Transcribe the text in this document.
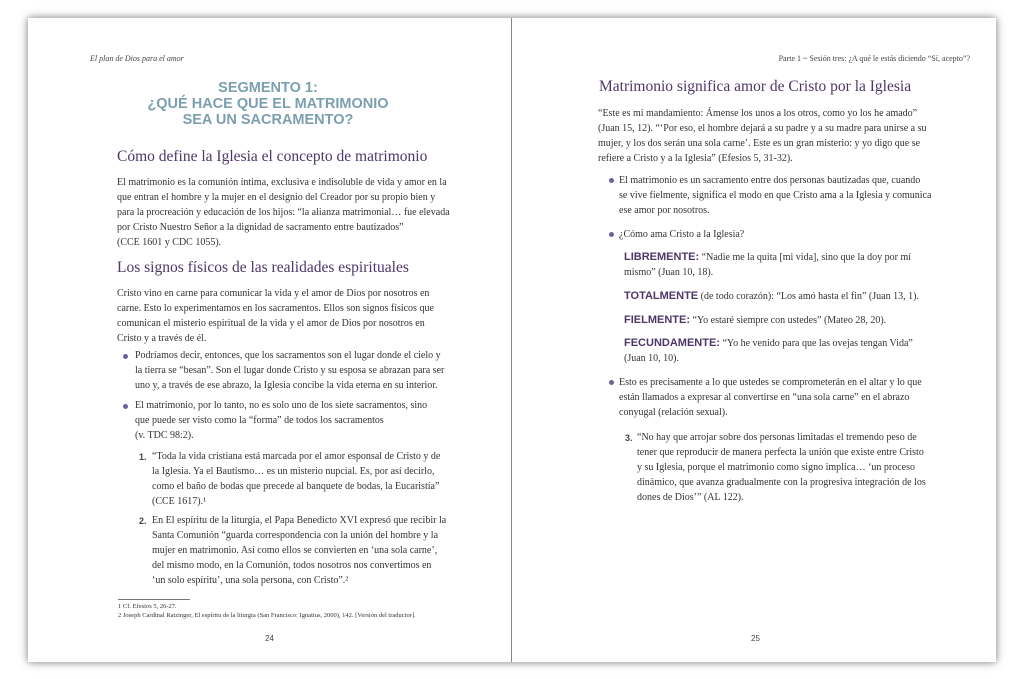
El plan de Dios para el amor
SEGMENTO 1:
¿QUÉ HACE QUE EL MATRIMONIO
SEA UN SACRAMENTO?
Cómo define la Iglesia el concepto de matrimonio
El matrimonio es la comunión íntima, exclusiva e indisoluble de vida y amor en la
que entran el hombre y la mujer en el designio del Creador por su propio bien y
para la procreación y educación de los hijos: “la alianza matrimonial… fue elevada
por Cristo Nuestro Señor a la dignidad de sacramento entre bautizados”
(CCE 1601 y CDC 1055).
Los signos físicos de las realidades espirituales
Cristo vino en carne para comunicar la vida y el amor de Dios por nosotros en
carne. Esto lo experimentamos en los sacramentos. Ellos son signos físicos que
comunican el misterio espiritual de la vida y el amor de Dios por nosotros en
Cristo y a través de él.
Podríamos decir, entonces, que los sacramentos son el lugar donde el cielo y
la tierra se “besan”. Son el lugar donde Cristo y su esposa se abrazan para ser
uno y, a través de ese abrazo, la Iglesia concibe la vida eterna en su interior.
El matrimonio, por lo tanto, no es solo uno de los siete sacramentos, sino
que puede ser visto como la “forma” de todos los sacramentos
(v. TDC 98:2).
1. “Toda la vida cristiana está marcada por el amor esponsal de Cristo y de
la Iglesia. Ya el Bautismo… es un misterio nupcial. Es, por así decirlo,
como el baño de bodas que precede al banquete de bodas, la Eucaristía”
(CCE 1617).¹
2. En El espíritu de la liturgia, el Papa Benedicto XVI expresó que recibir la
Santa Comunión “guarda correspondencia con la unión del hombre y la
mujer en matrimonio. Así como ellos se convierten en ‘una sola carne’,
del mismo modo, en la Comunión, todos nosotros nos convertimos en
‘un solo espíritu’, una sola persona, con Cristo”.²
1 Cf. Efesios 5, 26-27.
2 Joseph Cardinal Ratzinger, El espíritu de la liturgia (San Francisco: Ignatius, 2000), 142. [Versión del traductor].
24
Parte 1 ~ Sesión tres: ¿A qué le estás diciendo “Sí, acepto”?
Matrimonio significa amor de Cristo por la Iglesia
“Este es mi mandamiento: Ámense los unos a los otros, como yo los he amado”
(Juan 15, 12). “‘Por eso, el hombre dejará a su padre y a su madre para unirse a su
mujer, y los dos serán una sola carne’. Este es un gran misterio: y yo digo que se
refiere a Cristo y a la Iglesia” (Efesios 5, 31-32).
El matrimonio es un sacramento entre dos personas bautizadas que, cuando
se vive fielmente, significa el modo en que Cristo ama a la Iglesia y comunica
ese amor por nosotros.
¿Cómo ama Cristo a la Iglesia?
LIBREMENTE: “Nadie me la quita [mi vida], sino que la doy por mí
mismo” (Juan 10, 18).
TOTALMENTE (de todo corazón): “Los amó hasta el fin” (Juan 13, 1).
FIELMENTE: “Yo estaré siempre con ustedes” (Mateo 28, 20).
FECUNDAMENTE: “Yo he venido para que las ovejas tengan Vida”
(Juan 10, 10).
Esto es precisamente a lo que ustedes se comprometerán en el altar y lo que
están llamados a expresar al convertirse en “una sola carne” en el abrazo
conyugal (relación sexual).
3. “No hay que arrojar sobre dos personas limitadas el tremendo peso de
tener que reproducir de manera perfecta la unión que existe entre Cristo
y su Iglesia, porque el matrimonio como signo implica… ‘un proceso
dinámico, que avanza gradualmente con la progresiva integración de los
dones de Dios’” (AL 122).
25
